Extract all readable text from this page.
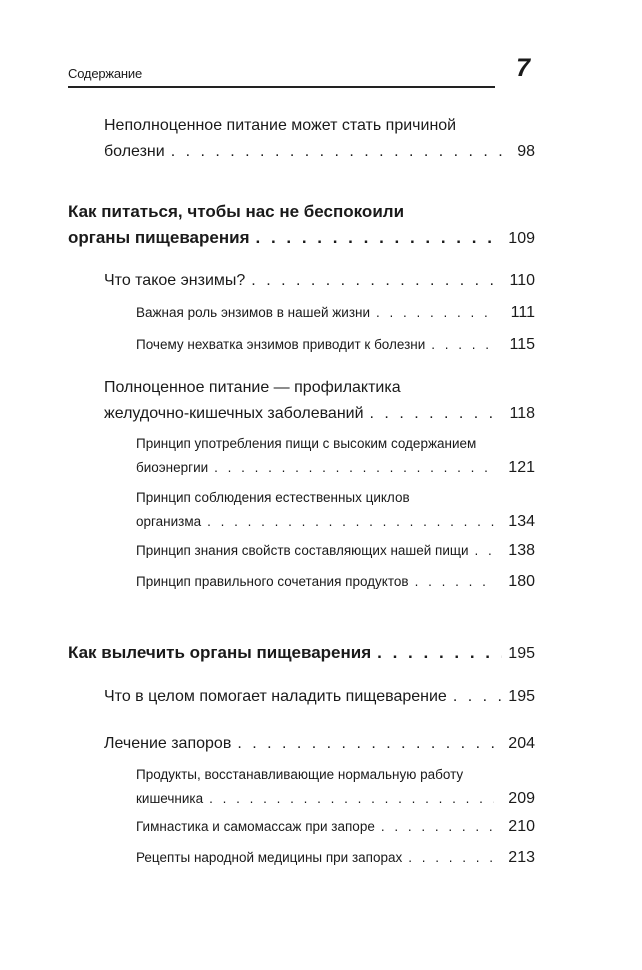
Содержание	7
Неполноценное питание может стать причиной
болезни . . .	98
Как питаться, чтобы нас не беспокоили
органы пищеварения . . .	109
Что такое энзимы? . . .	110
Важная роль энзимов в нашей жизни . . .	111
Почему нехватка энзимов приводит к болезни . . .	115
Полноценное питание — профилактика
желудочно-кишечных заболеваний . . .	118
Принцип употребления пищи с высоким содержанием
биоэнергии . . .	121
Принцип соблюдения естественных циклов
организма . . .	134
Принцип знания свойств составляющих нашей пищи . . . 138
Принцип правильного сочетания продуктов . . .	180
Как вылечить органы пищеварения . . .	195
Что в целом помогает наладить пищеварение . . .	195
Лечение запоров . . .	204
Продукты, восстанавливающие нормальную работу
кишечника . . .	209
Гимнастика и самомассаж при запоре . . .	210
Рецепты народной медицины при запорах . . .	213
